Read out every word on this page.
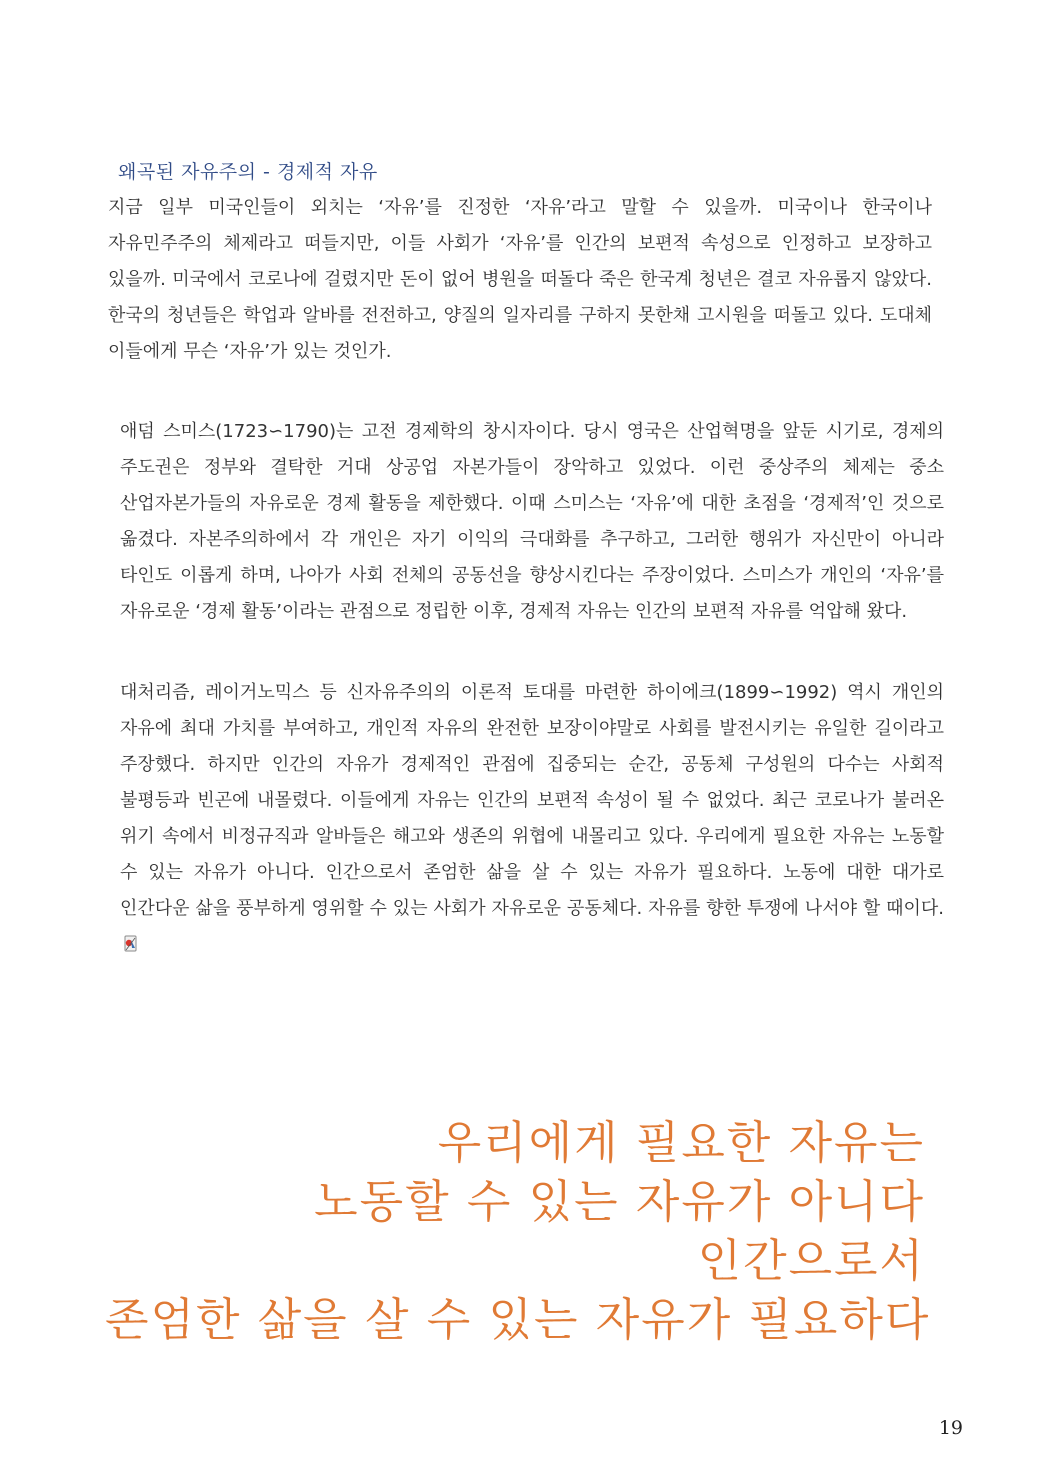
왜곡된 자유주의 - 경제적 자유

지금 일부 미국인들이 외치는 ‘자유’를 진정한 ‘자유’라고 말할 수 있을까. 미국이나 한국이나 자유민주주의 체제라고 떠들지만, 이들 사회가 ‘자유’를 인간의 보편적 속성으로 인정하고 보장하고 있을까. 미국에서 코로나에 걸렸지만 돈이 없어 병원을 떠돌다 죽은 한국계 청년은 결코 자유롭지 않았다. 한국의 청년들은 학업과 알바를 전전하고, 양질의 일자리를 구하지 못한채 고시원을 떠돌고 있다. 도대체 이들에게 무슨 ‘자유’가 있는 것인가.

애덤 스미스(1723∽1790)는 고전 경제학의 창시자이다. 당시 영국은 산업혁명을 앞둔 시기로, 경제의 주도권은 정부와 결탁한 거대 상공업 자본가들이 장악하고 있었다. 이런 중상주의 체제는 중소 산업자본가들의 자유로운 경제 활동을 제한했다. 이때 스미스는 ‘자유’에 대한 초점을 ‘경제적’인 것으로 옮겼다. 자본주의하에서 각 개인은 자기 이익의 극대화를 추구하고, 그러한 행위가 자신만이 아니라 타인도 이롭게 하며, 나아가 사회 전체의 공동선을 향상시킨다는 주장이었다. 스미스가 개인의 ‘자유’를 자유로운 ‘경제 활동’이라는 관점으로 정립한 이후, 경제적 자유는 인간의 보편적 자유를 억압해 왔다.

대처리즘, 레이거노믹스 등 신자유주의의 이론적 토대를 마련한 하이에크(1899∽1992) 역시 개인의 자유에 최대 가치를 부여하고, 개인적 자유의 완전한 보장이야말로 사회를 발전시키는 유일한 길이라고 주장했다. 하지만 인간의 자유가 경제적인 관점에 집중되는 순간, 공동체 구성원의 다수는 사회적 불평등과 빈곤에 내몰렸다. 이들에게 자유는 인간의 보편적 속성이 될 수 없었다. 최근 코로나가 불러온 위기 속에서 비정규직과 알바들은 해고와 생존의 위협에 내몰리고 있다. 우리에게 필요한 자유는 노동할 수 있는 자유가 아니다. 인간으로서 존엄한 삶을 살 수 있는 자유가 필요하다. 노동에 대한 대가로 인간다운 삶을 풍부하게 영위할 수 있는 사회가 자유로운 공동체다. 자유를 향한 투쟁에 나서야 할 때이다.

우리에게 필요한 자유는
노동할 수 있는 자유가 아니다
인간으로서
존엄한 삶을 살 수 있는 자유가 필요하다
19
